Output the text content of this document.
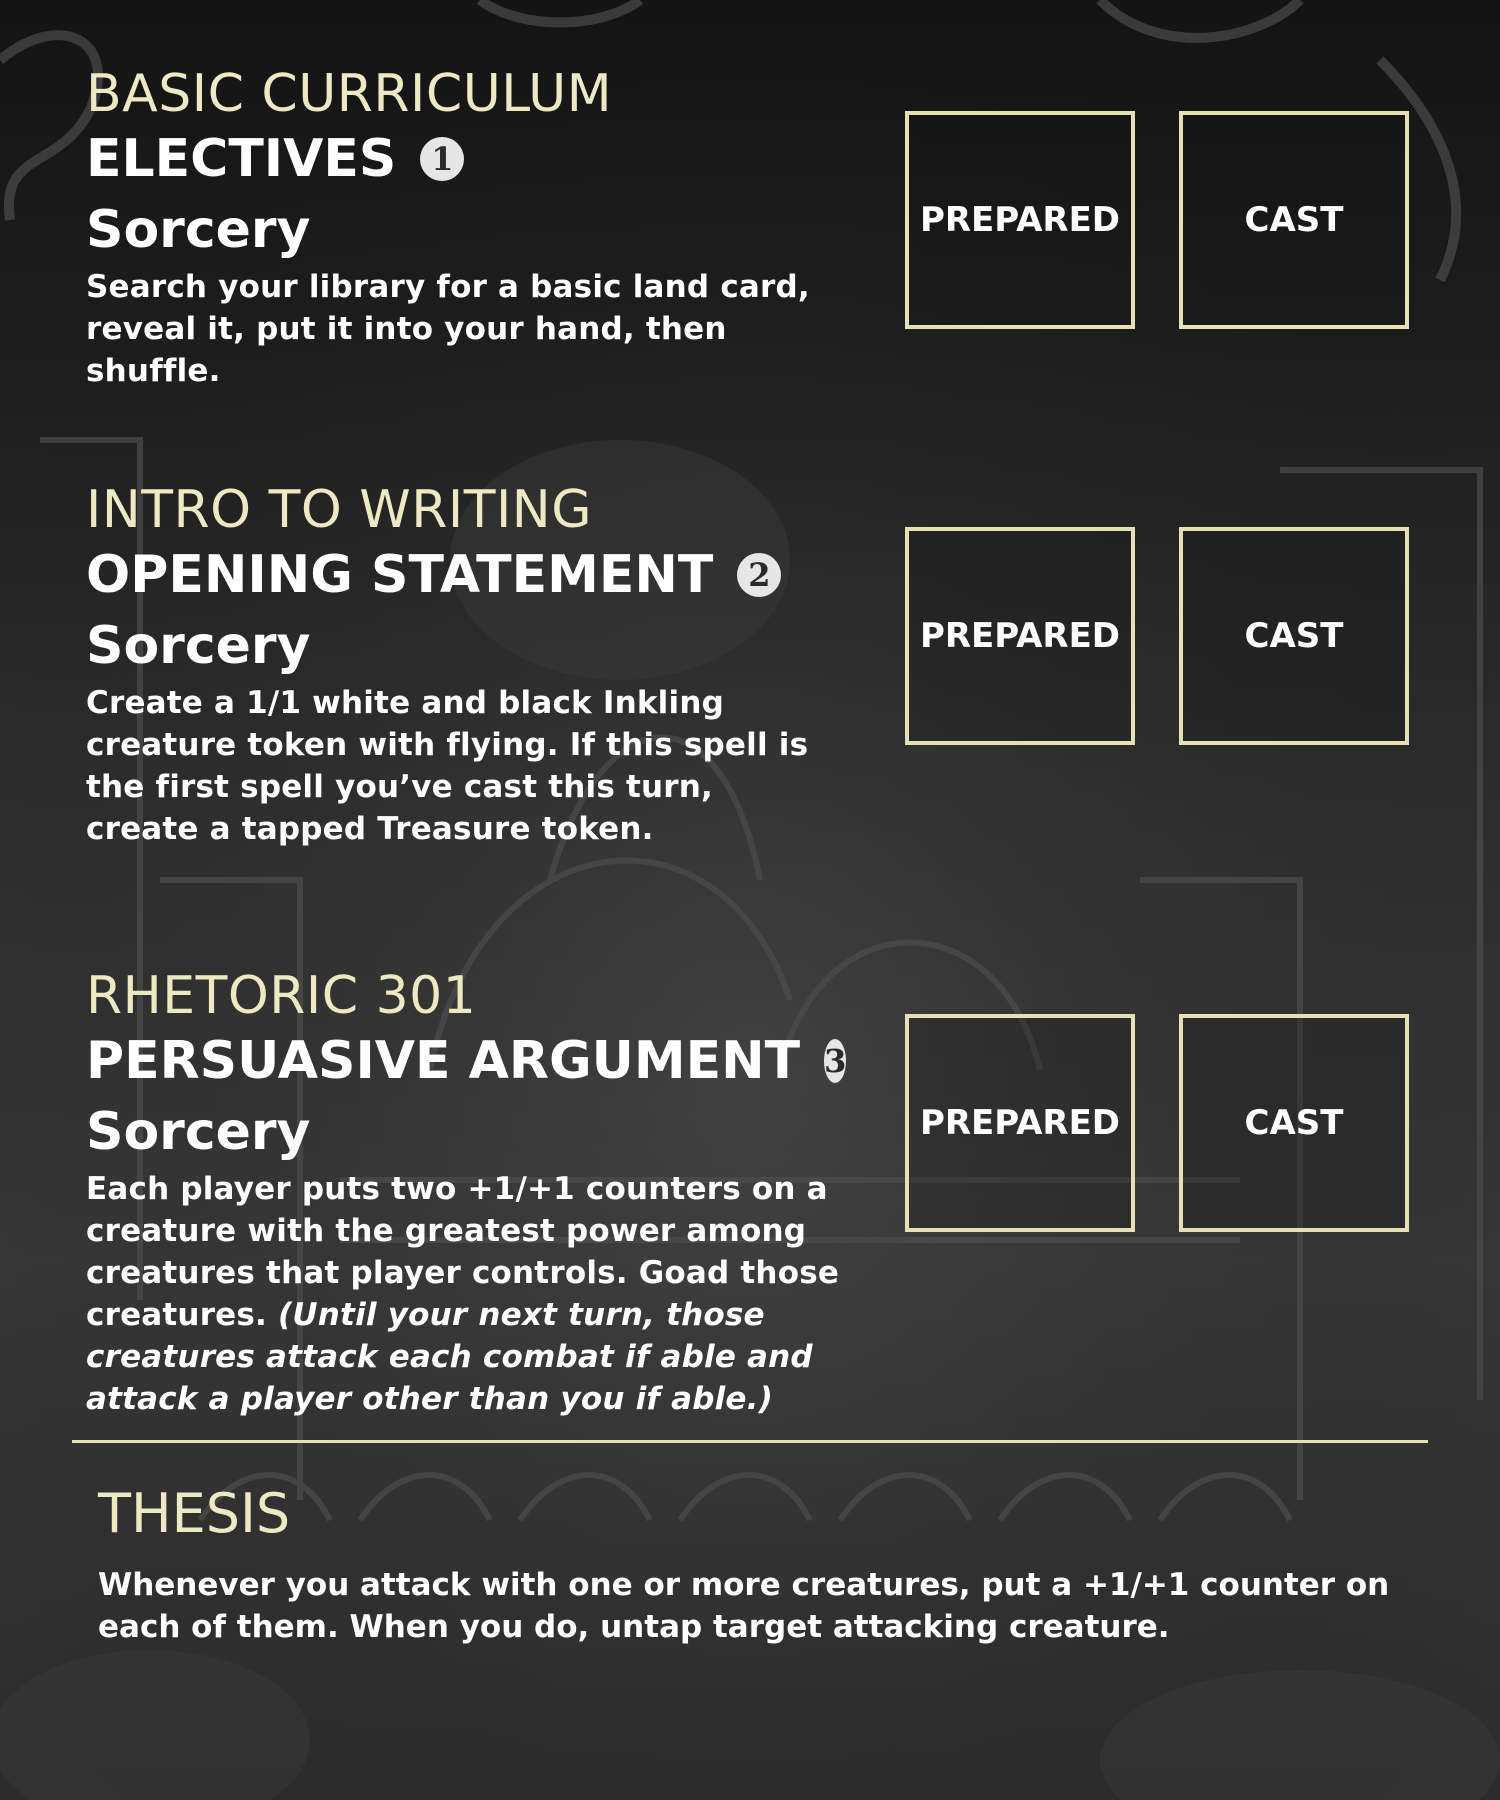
BASIC CURRICULUM
ELECTIVES	1
Sorcery
Search your library for a basic land card, reveal it, put it into your hand, then shuffle.
PREPARED	CAST
INTRO TO WRITING
OPENING STATEMENT	2
Sorcery
Create a 1/1 white and black Inkling creature token with flying. If this spell is the first spell you’ve cast this turn, create a tapped Treasure token.
PREPARED	CAST
RHETORIC 301
PERSUASIVE ARGUMENT 3
Sorcery
Each player puts two +1/+1 counters on a creature with the greatest power among creatures that player controls. Goad those creatures. (Until your next turn, those creatures attack each combat if able and attack a player other than you if able.)
PREPARED	CAST
THESIS
Whenever you attack with one or more creatures, put a +1/+1 counter on each of them. When you do, untap target attacking creature.
